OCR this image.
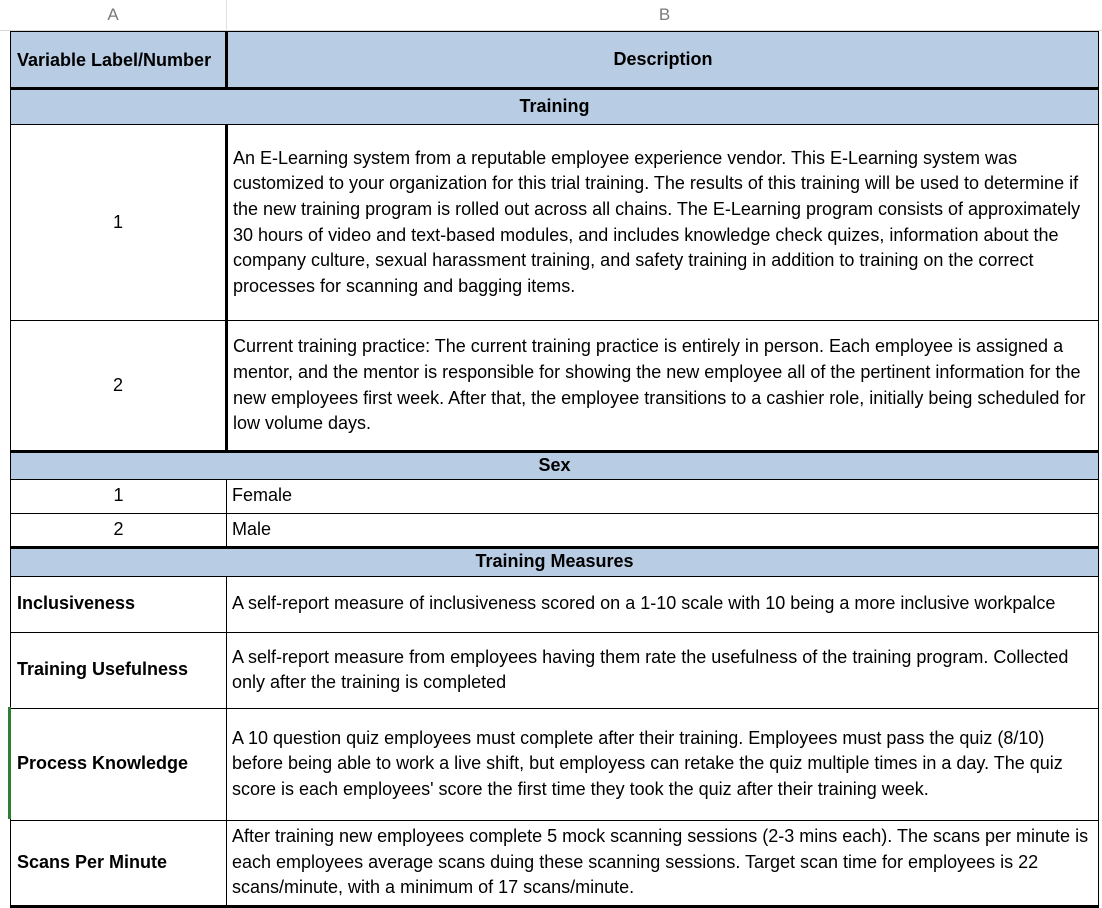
A	B
Variable Label/Number	Description
Training	
1	An E-Learning system from a reputable employee experience vendor. This E-Learning system was customized to your organization for this trial training. The results of this training will be used to determine if the new training program is rolled out across all chains. The E-Learning program consists of approximately 30 hours of video and text-based modules, and includes knowledge check quizes, information about the company culture, sexual harassment training, and safety training in addition to training on the correct processes for scanning and bagging items.
2	Current training practice: The current training practice is entirely in person. Each employee is assigned a mentor, and the mentor is responsible for showing the new employee all of the pertinent information for the new employees first week. After that, the employee transitions to a cashier role, initially being scheduled for low volume days.
Sex	
1	Female
2	Male
Training Measures	
Inclusiveness	A self-report measure of inclusiveness scored on a 1-10 scale with 10 being a more inclusive workpalce
Training Usefulness	A self-report measure from employees having them rate the usefulness of the training program. Collected only after the training is completed
Process Knowledge	A 10 question quiz employees must complete after their training. Employees must pass the quiz (8/10) before being able to work a live shift, but employess can retake the quiz multiple times in a day. The quiz score is each employees' score the first time they took the quiz after their training week.
Scans Per Minute	After training new employees complete 5 mock scanning sessions (2-3 mins each). The scans per minute is each employees average scans duing these scanning sessions. Target scan time for employees is 22 scans/minute, with a minimum of 17 scans/minute.
